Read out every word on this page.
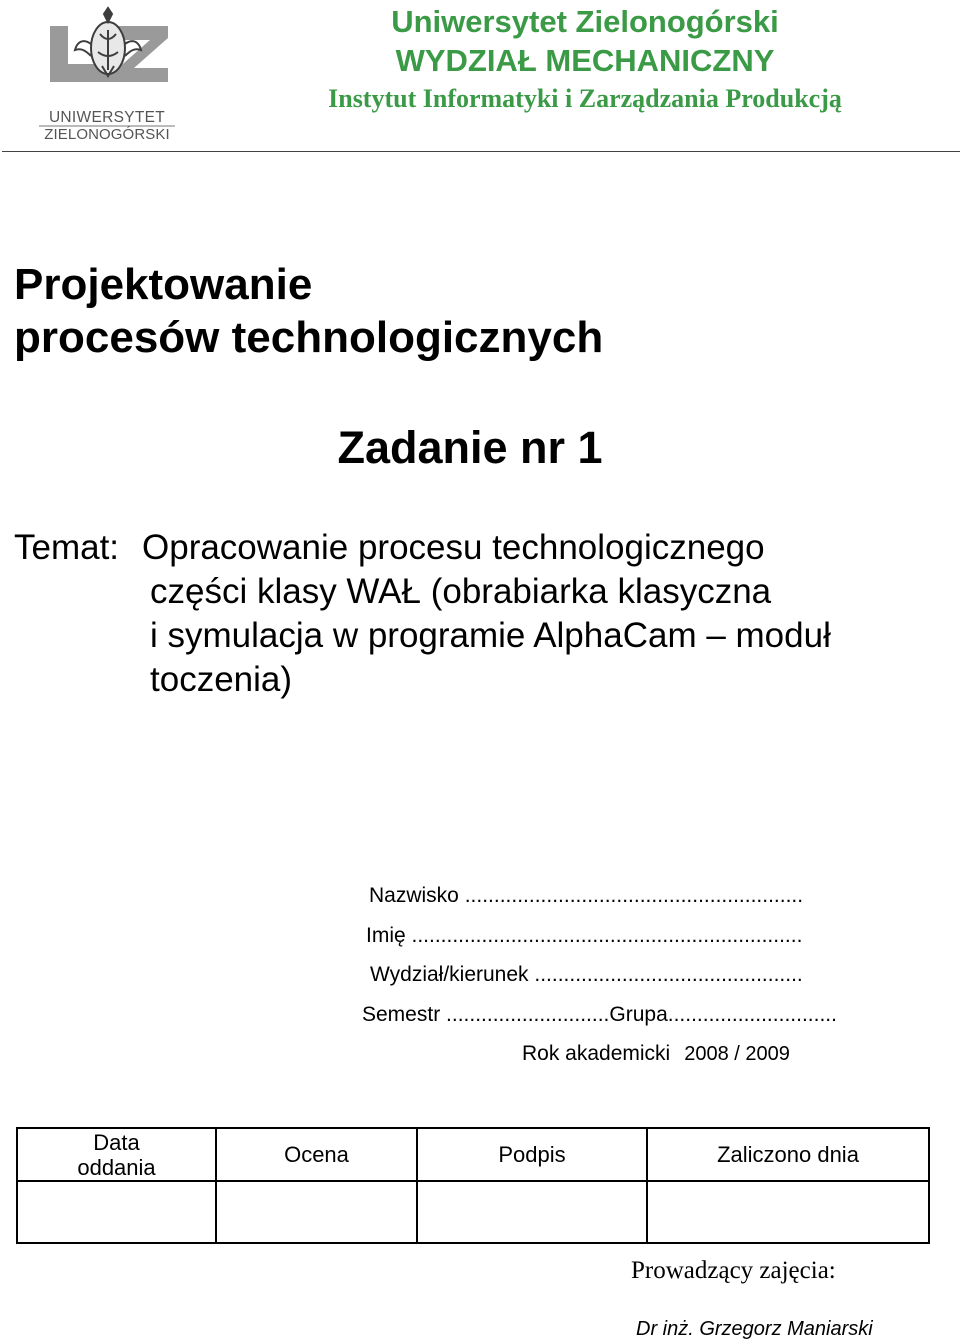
UNIWERSYTET
ZIELONOGÓRSKI
Uniwersytet Zielonogórski
WYDZIAŁ MECHANICZNY
Instytut Informatyki i Zarządzania Produkcją
Projektowanie
procesów technologicznych
Zadanie nr 1
Temat: Opracowanie procesu technologicznego
części klasy WAŁ (obrabiarka klasyczna
i symulacja w programie AlphaCam – moduł
toczenia)
Nazwisko ..........................................................
Imię ...................................................................
Wydział/kierunek ..............................................
Semestr ............................Grupa.............................
Rok akademicki 2008 / 2009
Data
oddania	Ocena	Podpis	Zaliczono dnia

Prowadzący zajęcia:
Dr inż. Grzegorz Maniarski
